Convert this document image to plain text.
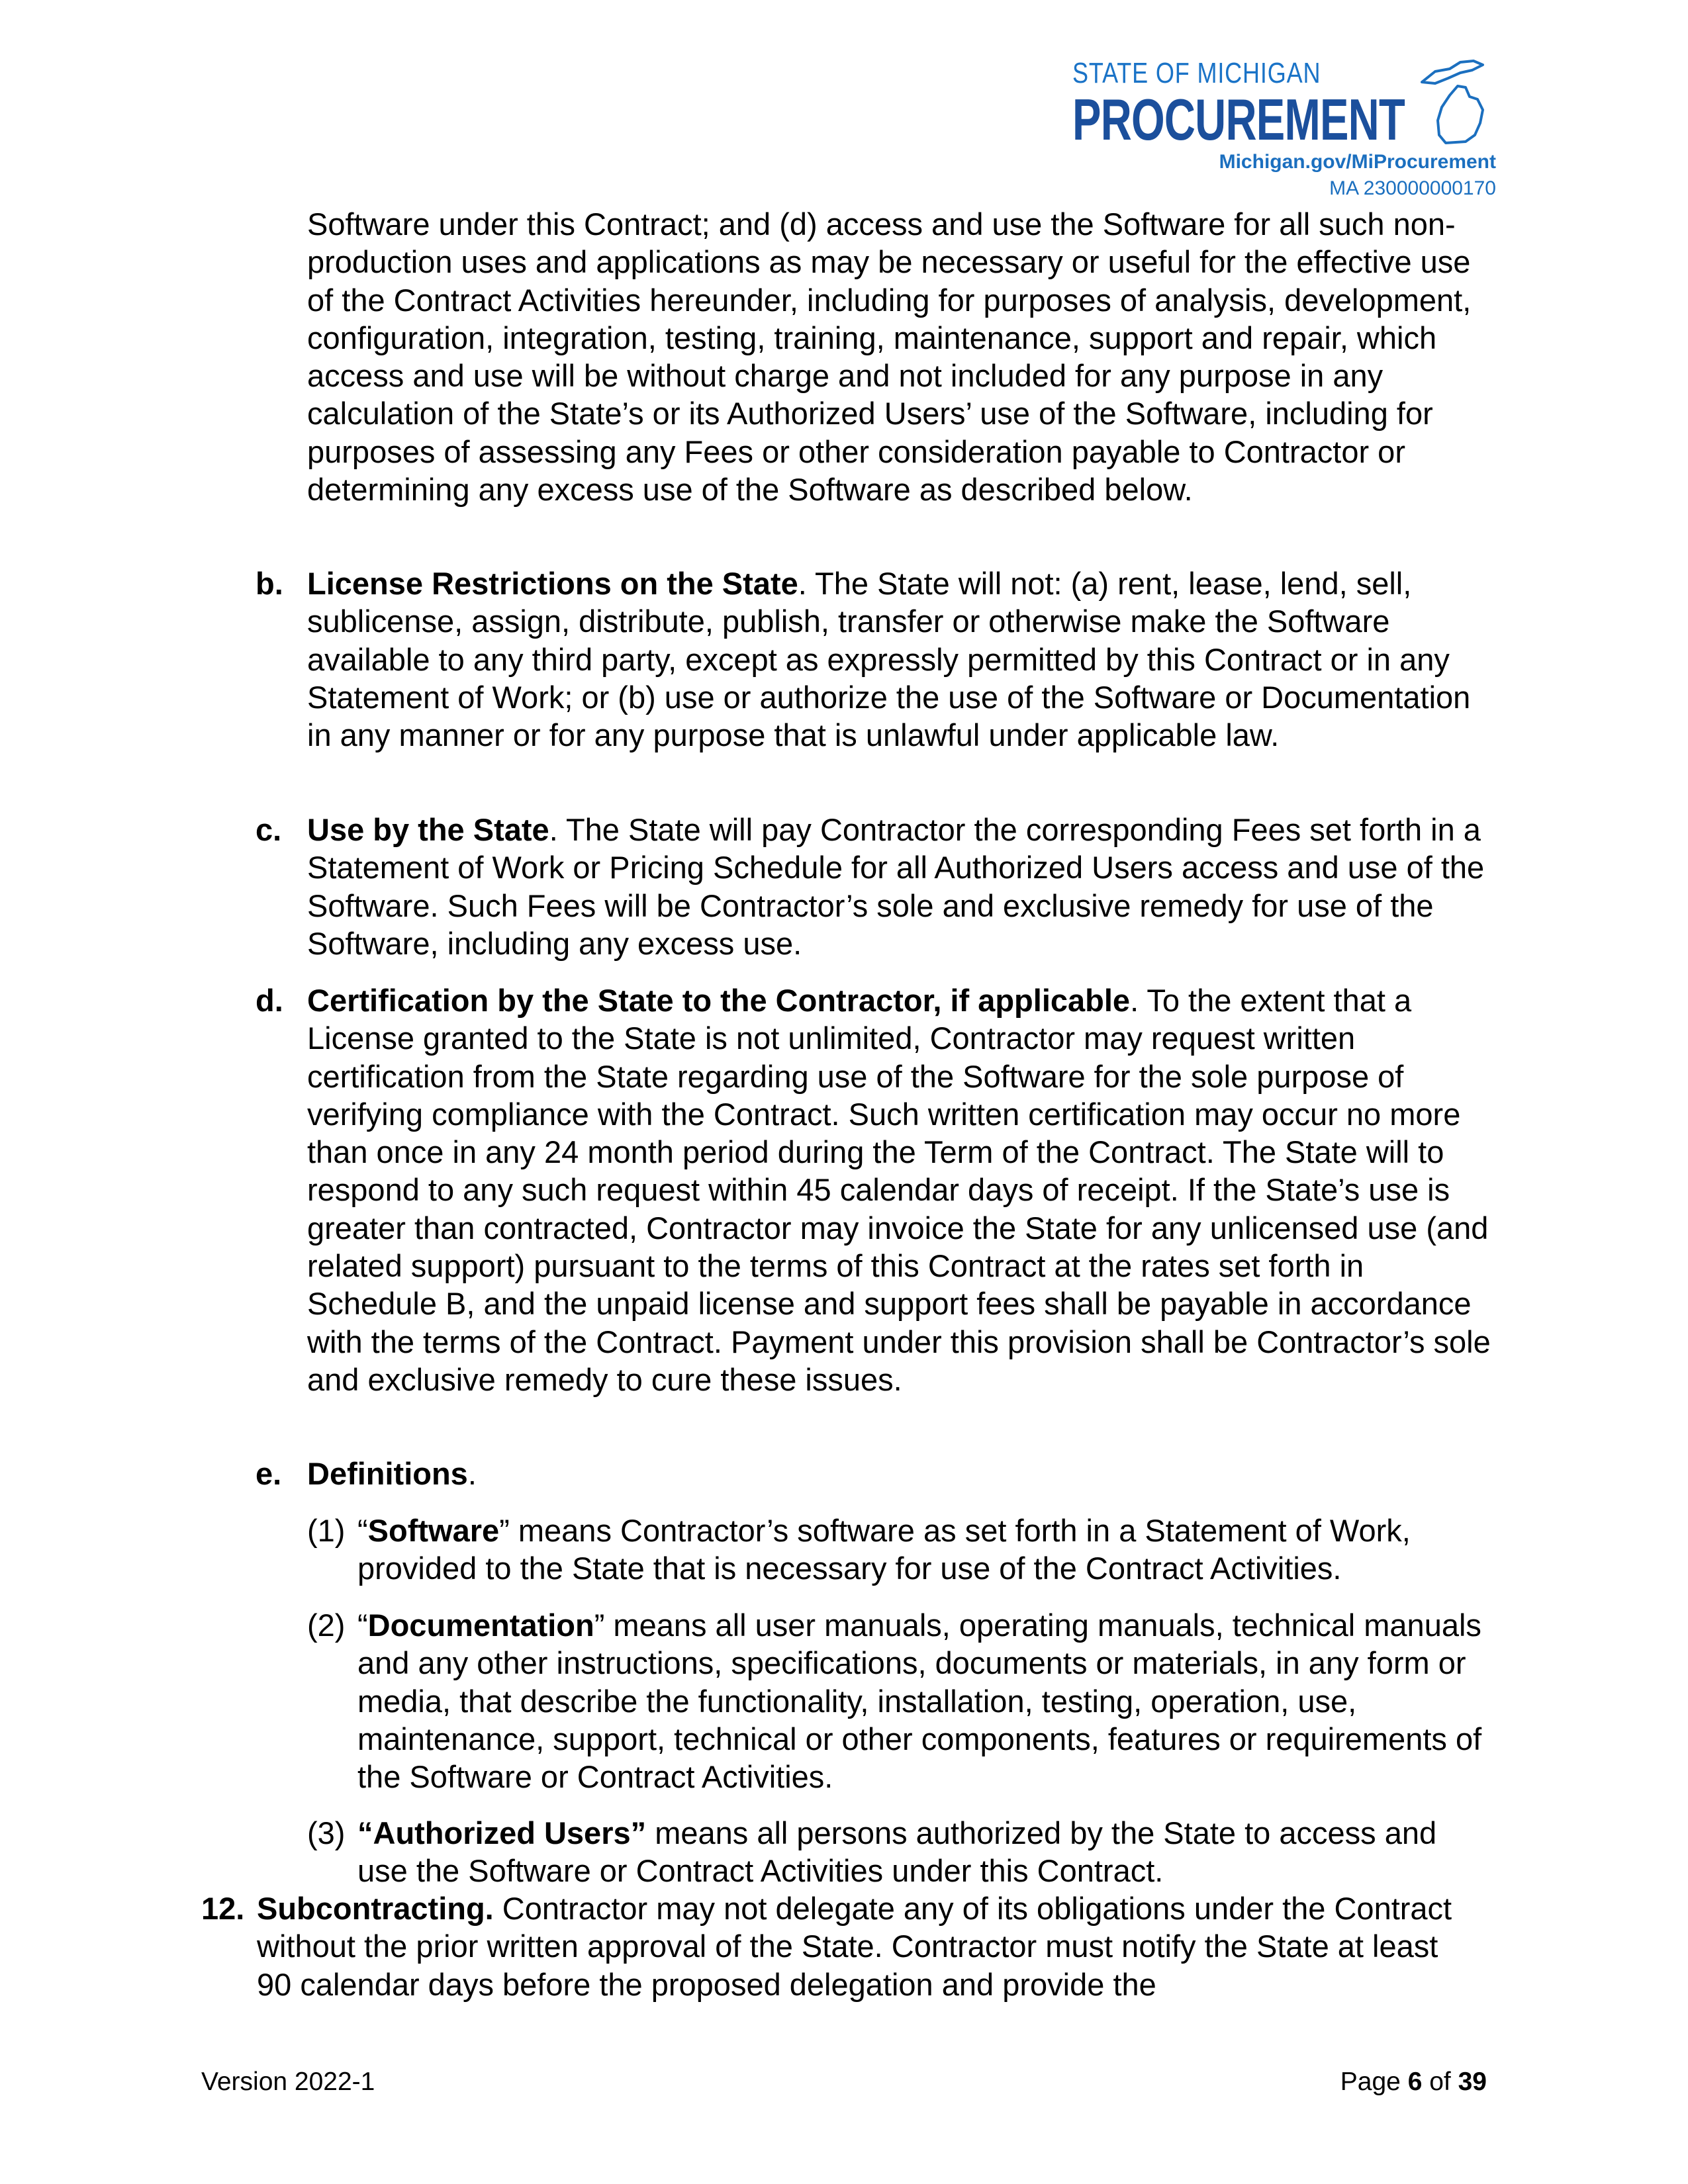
STATE OF MICHIGAN
PROCUREMENT
Michigan.gov/MiProcurement
MA 230000000170
Software under this Contract; and (d) access and use the Software for all such non-production uses and applications as may be necessary or useful for the effective use of the Contract Activities hereunder, including for purposes of analysis, development, configuration, integration, testing, training, maintenance, support and repair, which access and use will be without charge and not included for any purpose in any calculation of the State’s or its Authorized Users’ use of the Software, including for purposes of assessing any Fees or other consideration payable to Contractor or determining any excess use of the Software as described below.
b. License Restrictions on the State. The State will not: (a) rent, lease, lend, sell, sublicense, assign, distribute, publish, transfer or otherwise make the Software available to any third party, except as expressly permitted by this Contract or in any Statement of Work; or (b) use or authorize the use of the Software or Documentation in any manner or for any purpose that is unlawful under applicable law.
c. Use by the State. The State will pay Contractor the corresponding Fees set forth in a Statement of Work or Pricing Schedule for all Authorized Users access and use of the Software. Such Fees will be Contractor’s sole and exclusive remedy for use of the Software, including any excess use.
d. Certification by the State to the Contractor, if applicable. To the extent that a License granted to the State is not unlimited, Contractor may request written certification from the State regarding use of the Software for the sole purpose of verifying compliance with the Contract. Such written certification may occur no more than once in any 24 month period during the Term of the Contract. The State will to respond to any such request within 45 calendar days of receipt. If the State’s use is greater than contracted, Contractor may invoice the State for any unlicensed use (and related support) pursuant to the terms of this Contract at the rates set forth in Schedule B, and the unpaid license and support fees shall be payable in accordance with the terms of the Contract. Payment under this provision shall be Contractor’s sole and exclusive remedy to cure these issues.
e. Definitions.
(1) “Software” means Contractor’s software as set forth in a Statement of Work, provided to the State that is necessary for use of the Contract Activities.
(2) “Documentation” means all user manuals, operating manuals, technical manuals and any other instructions, specifications, documents or materials, in any form or media, that describe the functionality, installation, testing, operation, use, maintenance, support, technical or other components, features or requirements of the Software or Contract Activities.
(3) “Authorized Users” means all persons authorized by the State to access and use the Software or Contract Activities under this Contract.
12. Subcontracting. Contractor may not delegate any of its obligations under the Contract without the prior written approval of the State. Contractor must notify the State at least 90 calendar days before the proposed delegation and provide the
Version 2022-1	Page 6 of 39
